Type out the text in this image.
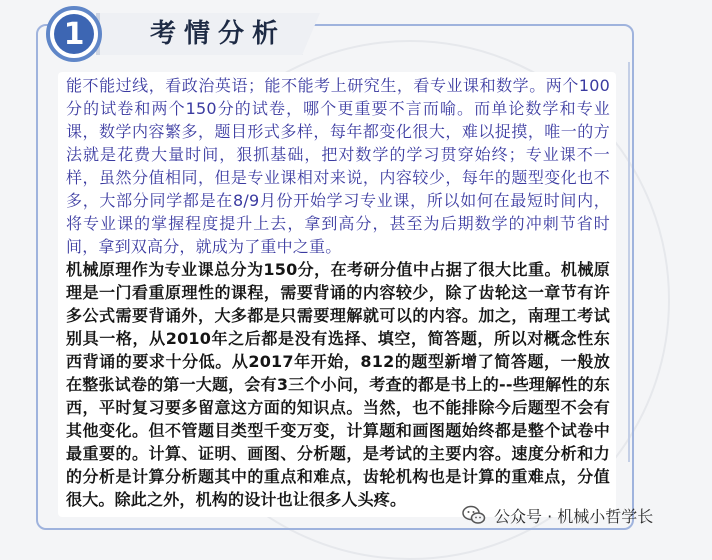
1	考情分析

能不能过线，看政治英语；能不能考上研究生，看专业课和数学。两个100分的试卷和两个150分的试卷，哪个更重要不言而喻。而单论数学和专业课，数学内容繁多，题目形式多样，每年都变化很大，难以捉摸，唯一的方法就是花费大量时间，狠抓基础，把对数学的学习贯穿始终；专业课不一样，虽然分值相同，但是专业课相对来说，内容较少，每年的题型变化也不多，大部分同学都是在8/9月份开始学习专业课，所以如何在最短时间内，将专业课的掌握程度提升上去，拿到高分，甚至为后期数学的冲刺节省时间，拿到双高分，就成为了重中之重。

机械原理作为专业课总分为150分，在考研分值中占据了很大比重。机械原理是一门看重原理性的课程，需要背诵的内容较少，除了齿轮这一章节有许多公式需要背诵外，大多都是只需要理解就可以的内容。加之，南理工考试别具一格，从2010年之后都是没有选择、填空，简答题，所以对概念性东西背诵的要求十分低。从2017年开始，812的题型新增了简答题，一般放在整张试卷的第一大题，会有3三个小问，考查的都是书上的--些理解性的东西，平时复习要多留意这方面的知识点。当然，也不能排除今后题型不会有其他变化。但不管题目类型千变万变，计算题和画图题始终都是整个试卷中最重要的。计算、证明、画图、分析题，是考试的主要内容。速度分析和力的分析是计算分析题其中的重点和难点，齿轮机构也是计算的重难点，分值很大。除此之外，机构的设计也让很多人头疼。

公众号 · 机械小哲学长
